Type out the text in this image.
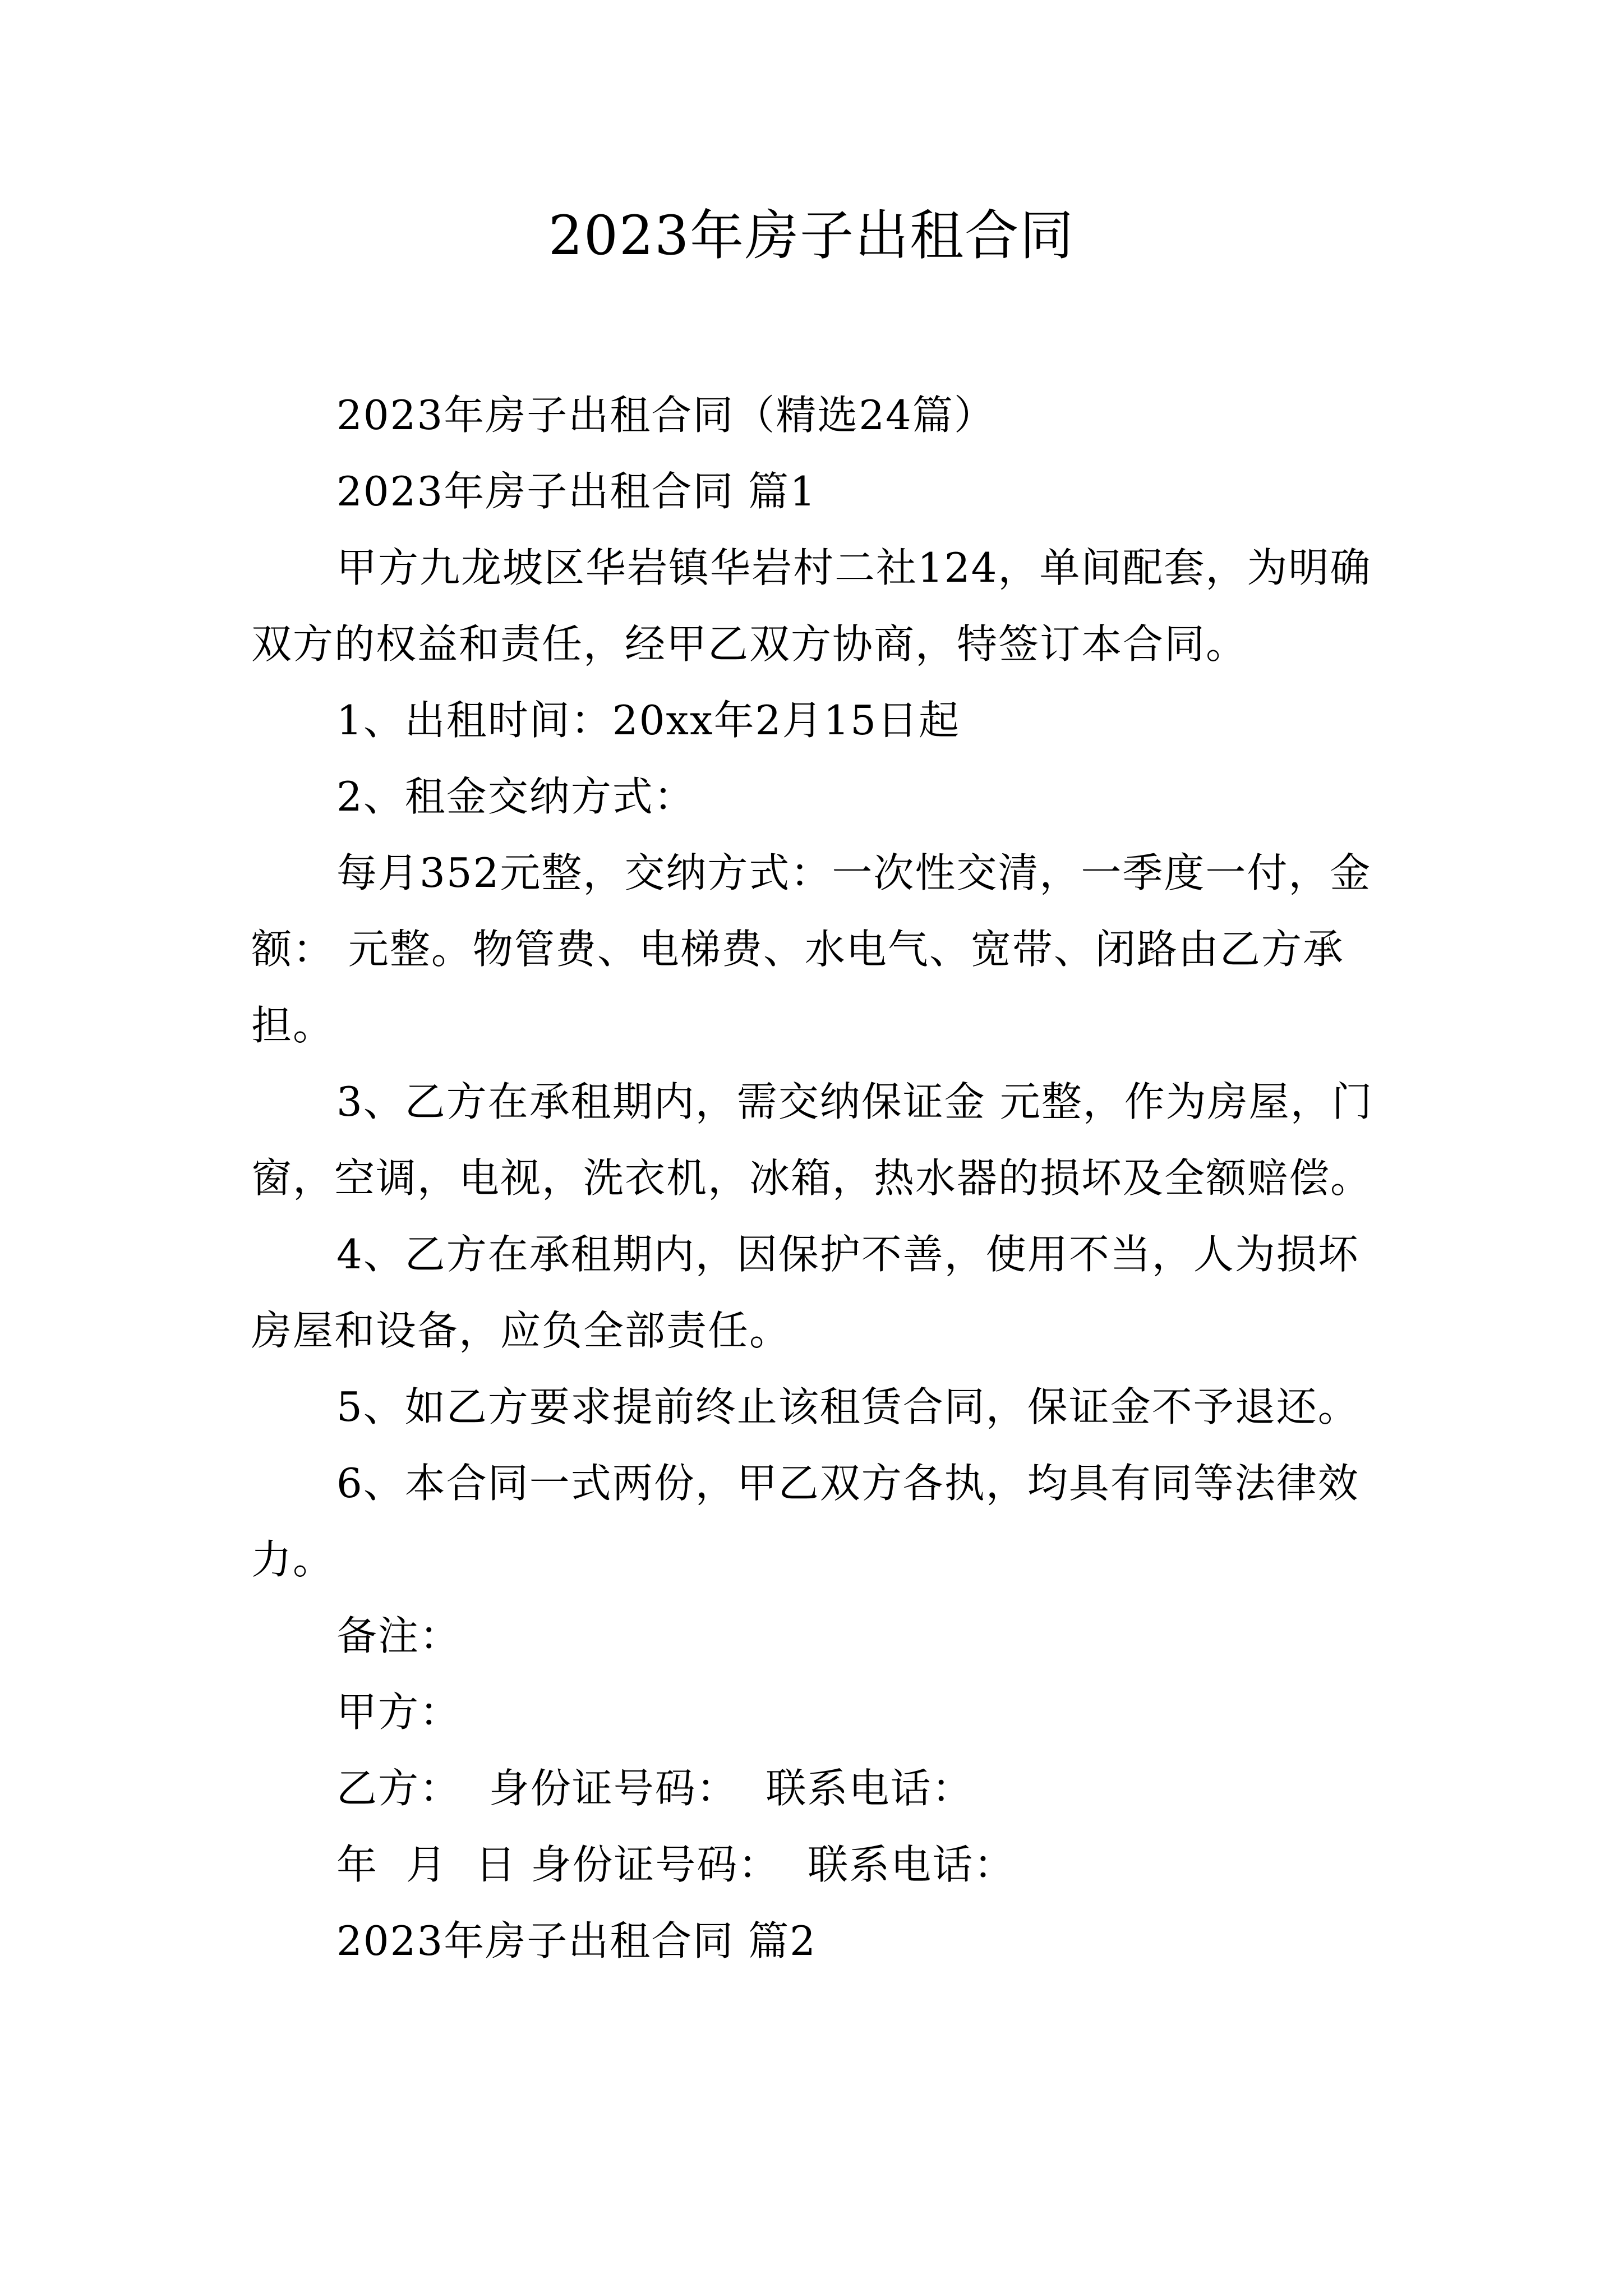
2023年房子出租合同

2023年房子出租合同（精选24篇）

2023年房子出租合同 篇1

甲方九龙坡区华岩镇华岩村二社124，单间配套，为明确双方的权益和责任，经甲乙双方协商，特签订本合同。

1、出租时间：20xx年2月15日起

2、租金交纳方式：

每月352元整，交纳方式：一次性交清，一季度一付，金额： 元整。物管费、电梯费、水电气、宽带、闭路由乙方承担。

3、乙方在承租期内，需交纳保证金 元整，作为房屋，门窗，空调，电视，洗衣机，冰箱，热水器的损坏及全额赔偿。

4、乙方在承租期内，因保护不善，使用不当，人为损坏房屋和设备，应负全部责任。

5、如乙方要求提前终止该租赁合同，保证金不予退还。

6、本合同一式两份，甲乙双方各执，均具有同等法律效力。

备注：

甲方：

乙方：  身份证号码：  联系电话：

年  月  日 身份证号码：  联系电话：

2023年房子出租合同 篇2
